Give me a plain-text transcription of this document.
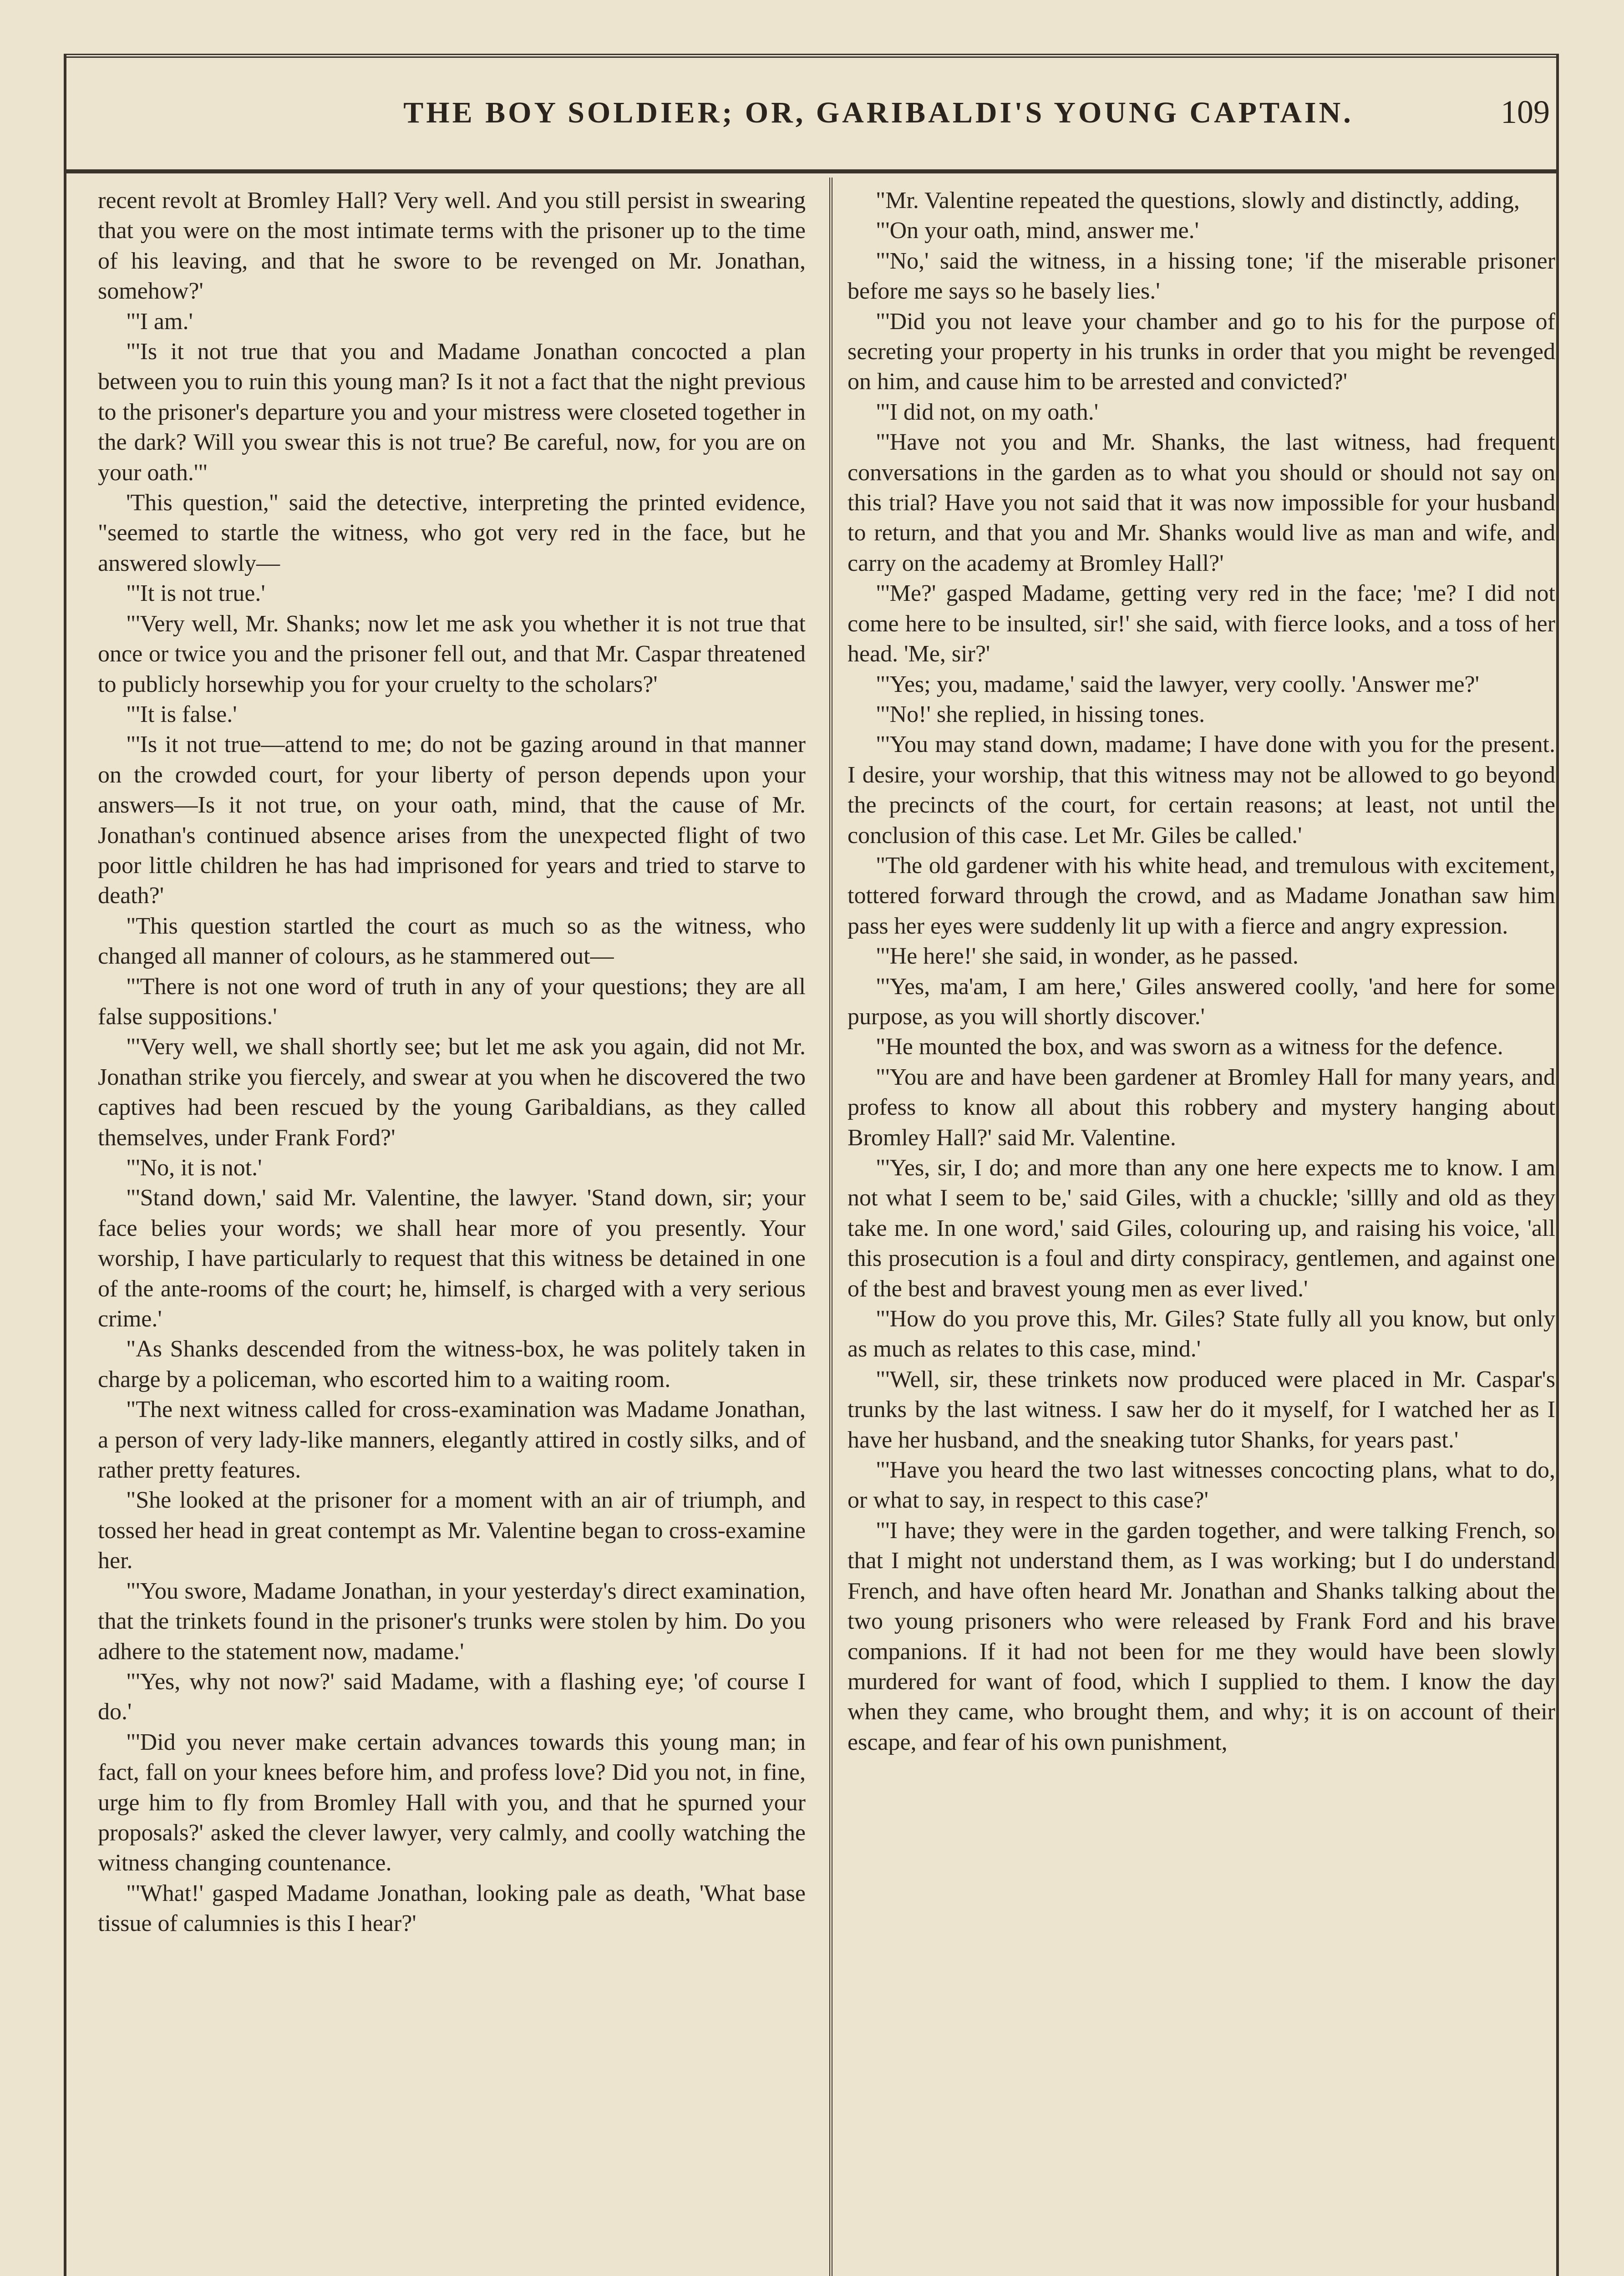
THE BOY SOLDIER; OR, GARIBALDI'S YOUNG CAPTAIN.	109

recent revolt at Bromley Hall? Very well. And you still persist in swearing that you were on the most intimate terms with the prisoner up to the time of his leaving, and that he swore to be revenged on Mr. Jonathan, somehow?'

"'I am.'

"'Is it not true that you and Madame Jonathan concocted a plan between you to ruin this young man? Is it not a fact that the night previous to the prisoner's departure you and your mistress were closeted together in the dark? Will you swear this is not true? Be careful, now, for you are on your oath.'"

'This question," said the detective, interpreting the printed evidence, "seemed to startle the witness, who got very red in the face, but he answered slowly—

"'It is not true.'

"'Very well, Mr. Shanks; now let me ask you whether it is not true that once or twice you and the prisoner fell out, and that Mr. Caspar threatened to publicly horsewhip you for your cruelty to the scholars?'

"'It is false.'

"'Is it not true—attend to me; do not be gazing around in that manner on the crowded court, for your liberty of person depends upon your answers—Is it not true, on your oath, mind, that the cause of Mr. Jonathan's continued absence arises from the unexpected flight of two poor little children he has had imprisoned for years and tried to starve to death?'

"This question startled the court as much so as the witness, who changed all manner of colours, as he stammered out—

"'There is not one word of truth in any of your questions; they are all false suppositions.'

"'Very well, we shall shortly see; but let me ask you again, did not Mr. Jonathan strike you fiercely, and swear at you when he discovered the two captives had been rescued by the young Garibaldians, as they called themselves, under Frank Ford?'

"'No, it is not.'

"'Stand down,' said Mr. Valentine, the lawyer. 'Stand down, sir; your face belies your words; we shall hear more of you presently. Your worship, I have particularly to request that this witness be detained in one of the ante-rooms of the court; he, himself, is charged with a very serious crime.'

"As Shanks descended from the witness-box, he was politely taken in charge by a policeman, who escorted him to a waiting room.

"The next witness called for cross-examination was Madame Jonathan, a person of very lady-like manners, elegantly attired in costly silks, and of rather pretty features.

"She looked at the prisoner for a moment with an air of triumph, and tossed her head in great contempt as Mr. Valentine began to cross-examine her.

"'You swore, Madame Jonathan, in your yesterday's direct examination, that the trinkets found in the prisoner's trunks were stolen by him. Do you adhere to the statement now, madame.'

"'Yes, why not now?' said Madame, with a flashing eye; 'of course I do.'

"'Did you never make certain advances towards this young man; in fact, fall on your knees before him, and profess love? Did you not, in fine, urge him to fly from Bromley Hall with you, and that he spurned your proposals?' asked the clever lawyer, very calmly, and coolly watching the witness changing countenance.

"'What!' gasped Madame Jonathan, looking pale as death, 'What base tissue of calumnies is this I hear?'

"Mr. Valentine repeated the questions, slowly and distinctly, adding,

"'On your oath, mind, answer me.'

"'No,' said the witness, in a hissing tone; 'if the miserable prisoner before me says so he basely lies.'

"'Did you not leave your chamber and go to his for the purpose of secreting your property in his trunks in order that you might be revenged on him, and cause him to be arrested and convicted?'

"'I did not, on my oath.'

"'Have not you and Mr. Shanks, the last witness, had frequent conversations in the garden as to what you should or should not say on this trial? Have you not said that it was now impossible for your husband to return, and that you and Mr. Shanks would live as man and wife, and carry on the academy at Bromley Hall?'

"'Me?' gasped Madame, getting very red in the face; 'me? I did not come here to be insulted, sir!' she said, with fierce looks, and a toss of her head. 'Me, sir?'

"'Yes; you, madame,' said the lawyer, very coolly. 'Answer me?'

"'No!' she replied, in hissing tones.

"'You may stand down, madame; I have done with you for the present. I desire, your worship, that this witness may not be allowed to go beyond the precincts of the court, for certain reasons; at least, not until the conclusion of this case. Let Mr. Giles be called.'

"The old gardener with his white head, and tremulous with excitement, tottered forward through the crowd, and as Madame Jonathan saw him pass her eyes were suddenly lit up with a fierce and angry expression.

"'He here!' she said, in wonder, as he passed.

"'Yes, ma'am, I am here,' Giles answered coolly, 'and here for some purpose, as you will shortly discover.'

"He mounted the box, and was sworn as a witness for the defence.

"'You are and have been gardener at Bromley Hall for many years, and profess to know all about this robbery and mystery hanging about Bromley Hall?' said Mr. Valentine.

"'Yes, sir, I do; and more than any one here expects me to know. I am not what I seem to be,' said Giles, with a chuckle; 'sillly and old as they take me. In one word,' said Giles, colouring up, and raising his voice, 'all this prosecution is a foul and dirty conspiracy, gentlemen, and against one of the best and bravest young men as ever lived.'

"'How do you prove this, Mr. Giles? State fully all you know, but only as much as relates to this case, mind.'

"'Well, sir, these trinkets now produced were placed in Mr. Caspar's trunks by the last witness. I saw her do it myself, for I watched her as I have her husband, and the sneaking tutor Shanks, for years past.'

"'Have you heard the two last witnesses concocting plans, what to do, or what to say, in respect to this case?'

"'I have; they were in the garden together, and were talking French, so that I might not understand them, as I was working; but I do understand French, and have often heard Mr. Jonathan and Shanks talking about the two young prisoners who were released by Frank Ford and his brave companions. If it had not been for me they would have been slowly murdered for want of food, which I supplied to them. I know the day when they came, who brought them, and why; it is on account of their escape, and fear of his own punishment,
